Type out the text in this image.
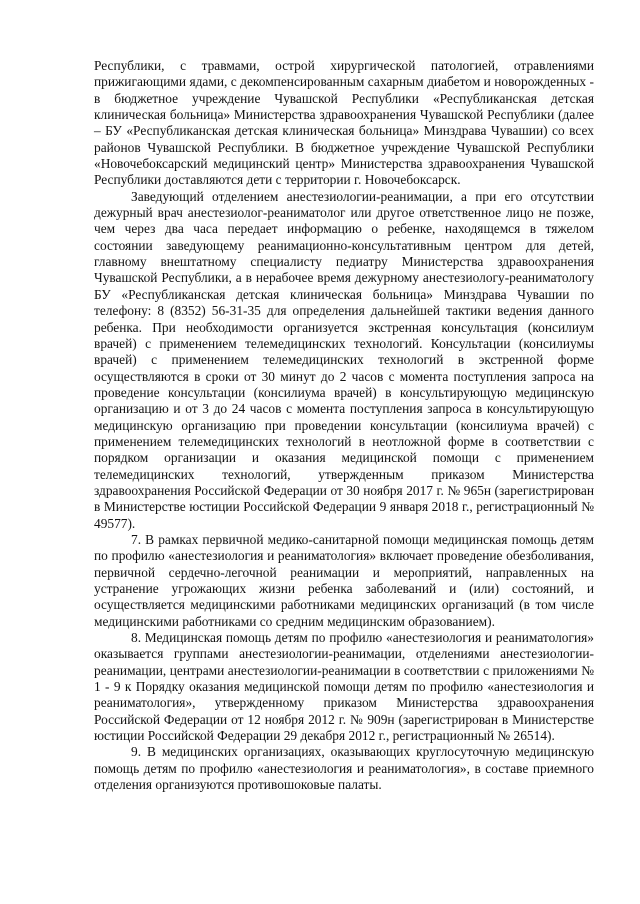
Республики, с травмами, острой хирургической патологией, отравлениями прижигающими ядами, с декомпенсированным сахарным диабетом и новорожденных - в бюджетное учреждение Чувашской Республики «Республиканская детская клиническая больница» Министерства здравоохранения Чувашской Республики (далее – БУ «Республиканская детская клиническая больница» Минздрава Чувашии) со всех районов Чувашской Республики. В бюджетное учреждение Чувашской Республики «Новочебоксарский медицинский центр» Министерства здравоохранения Чувашской Республики доставляются дети с территории г. Новочебоксарск.

Заведующий отделением анестезиологии-реанимации, а при его отсутствии дежурный врач анестезиолог-реаниматолог или другое ответственное лицо не позже, чем через два часа передает информацию о ребенке, находящемся в тяжелом состоянии заведующему реанимационно-консультативным центром для детей, главному внештатному специалисту педиатру Министерства здравоохранения Чувашской Республики, а в нерабочее время дежурному анестезиологу-реаниматологу БУ «Республиканская детская клиническая больница» Минздрава Чувашии по телефону: 8 (8352) 56-31-35 для определения дальнейшей тактики ведения данного ребенка. При необходимости организуется экстренная консультация (консилиум врачей) с применением телемедицинских технологий. Консультации (консилиумы врачей) с применением телемедицинских технологий в экстренной форме осуществляются в сроки от 30 минут до 2 часов с момента поступления запроса на проведение консультации (консилиума врачей) в консультирующую медицинскую организацию и от 3 до 24 часов с момента поступления запроса в консультирующую медицинскую организацию при проведении консультации (консилиума врачей) с применением телемедицинских технологий в неотложной форме в соответствии с порядком организации и оказания медицинской помощи с применением телемедицинских технологий, утвержденным приказом Министерства здравоохранения Российской Федерации от 30 ноября 2017 г. № 965н (зарегистрирован в Министерстве юстиции Российской Федерации 9 января 2018 г., регистрационный № 49577).

7. В рамках первичной медико-санитарной помощи медицинская помощь детям по профилю «анестезиология и реаниматология» включает проведение обезболивания, первичной сердечно-легочной реанимации и мероприятий, направленных на устранение угрожающих жизни ребенка заболеваний и (или) состояний, и осуществляется медицинскими работниками медицинских организаций (в том числе медицинскими работниками со средним медицинским образованием).

8. Медицинская помощь детям по профилю «анестезиология и реаниматология» оказывается группами анестезиологии-реанимации, отделениями анестезиологии-реанимации, центрами анестезиологии-реанимации в соответствии с приложениями № 1 - 9 к Порядку оказания медицинской помощи детям по профилю «анестезиология и реаниматология», утвержденному приказом Министерства здравоохранения Российской Федерации от 12 ноября 2012 г. № 909н (зарегистрирован в Министерстве юстиции Российской Федерации 29 декабря 2012 г., регистрационный № 26514).

9. В медицинских организациях, оказывающих круглосуточную медицинскую помощь детям по профилю «анестезиология и реаниматология», в составе приемного отделения организуются противошоковые палаты.
